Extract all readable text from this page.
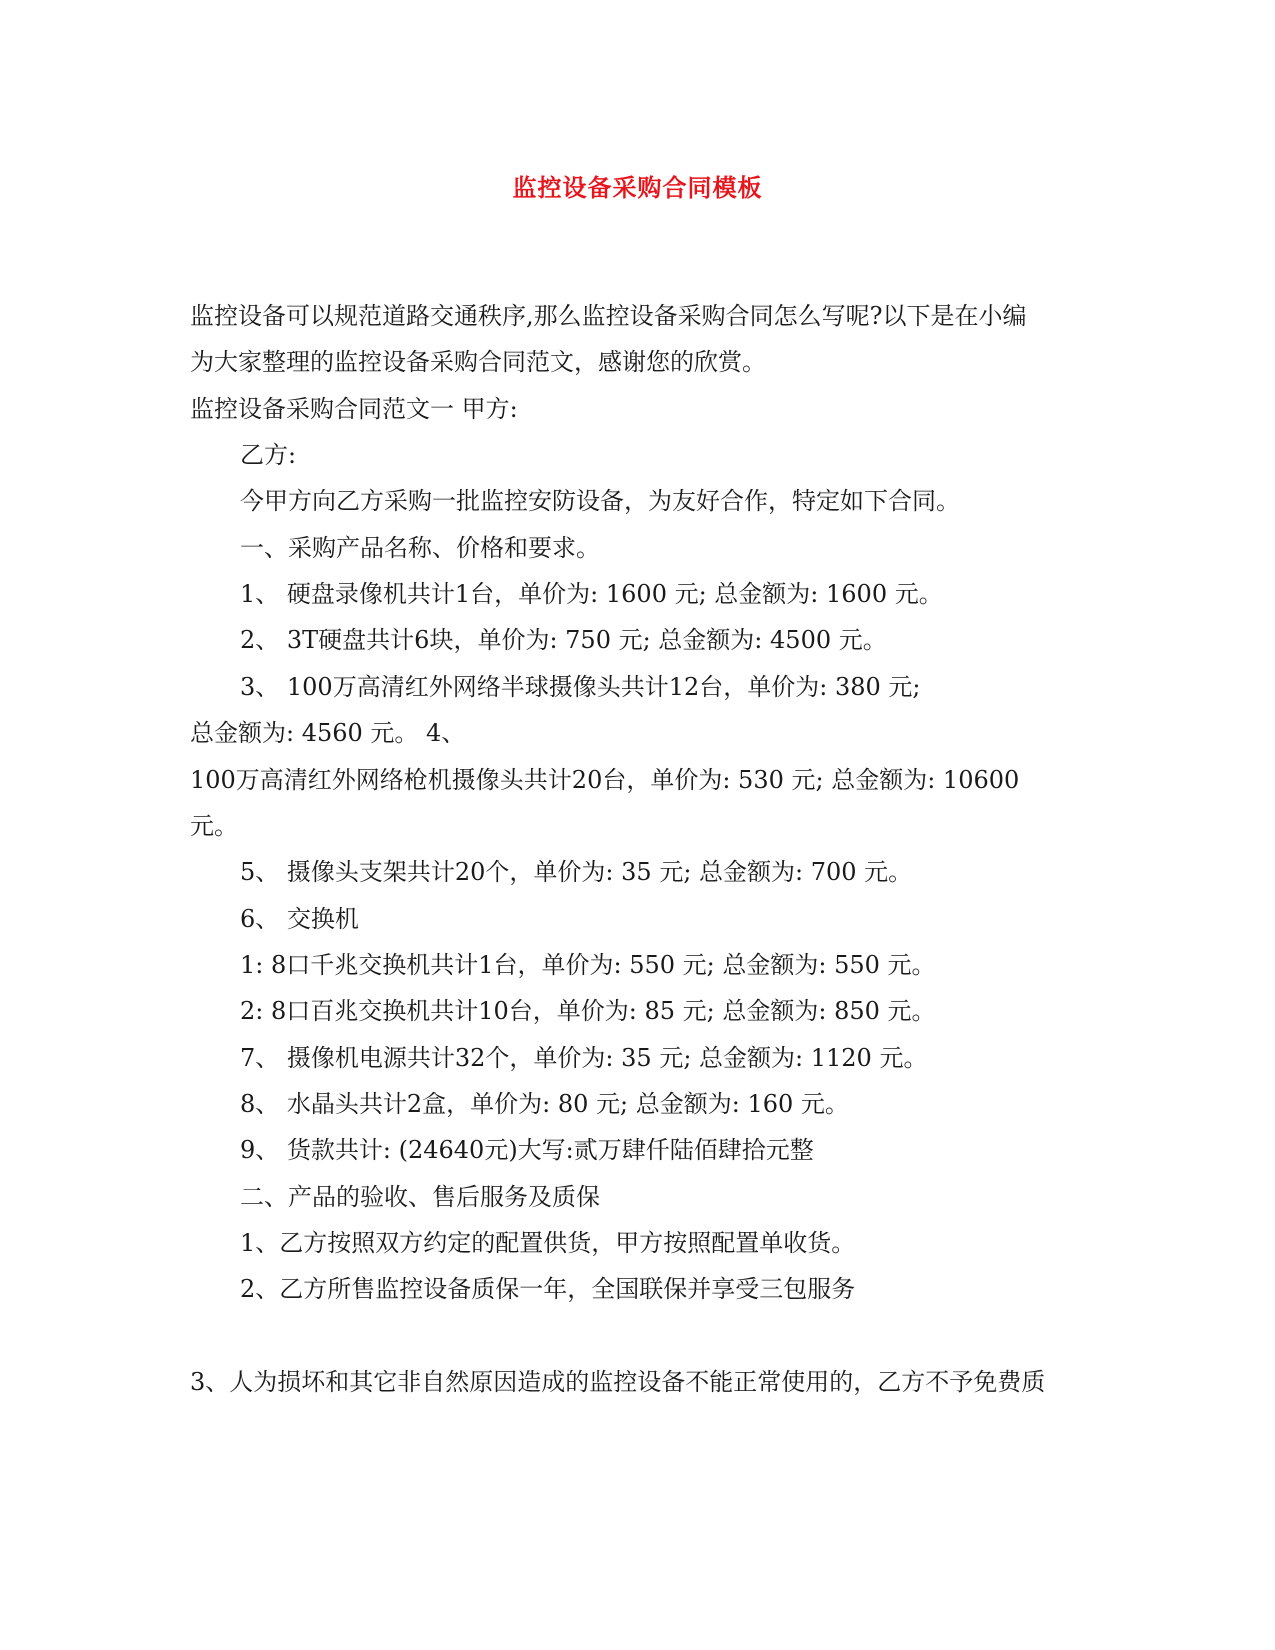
监控设备采购合同模板
监控设备可以规范道路交通秩序,那么监控设备采购合同怎么写呢?以下是在小编
为大家整理的监控设备采购合同范文，感谢您的欣赏。
监控设备采购合同范文一 甲方:
乙方:
今甲方向乙方采购一批监控安防设备，为友好合作，特定如下合同。
一、采购产品名称、价格和要求。
1、 硬盘录像机共计1台，单价为: 1600 元; 总金额为: 1600 元。
2、 3T硬盘共计6块，单价为: 750 元; 总金额为: 4500 元。
3、 100万高清红外网络半球摄像头共计12台，单价为: 380 元;
总金额为: 4560 元。 4、
100万高清红外网络枪机摄像头共计20台，单价为: 530 元; 总金额为: 10600
元。
5、 摄像头支架共计20个，单价为: 35 元; 总金额为: 700 元。
6、 交换机
1: 8口千兆交换机共计1台，单价为: 550 元; 总金额为: 550 元。
2: 8口百兆交换机共计10台，单价为: 85 元; 总金额为: 850 元。
7、 摄像机电源共计32个，单价为: 35 元; 总金额为: 1120 元。
8、 水晶头共计2盒，单价为: 80 元; 总金额为: 160 元。
9、 货款共计: (24640元)大写:贰万肆仟陆佰肆拾元整
二、产品的验收、售后服务及质保
1、乙方按照双方约定的配置供货，甲方按照配置单收货。
2、乙方所售监控设备质保一年，全国联保并享受三包服务
3、人为损坏和其它非自然原因造成的监控设备不能正常使用的，乙方不予免费质
